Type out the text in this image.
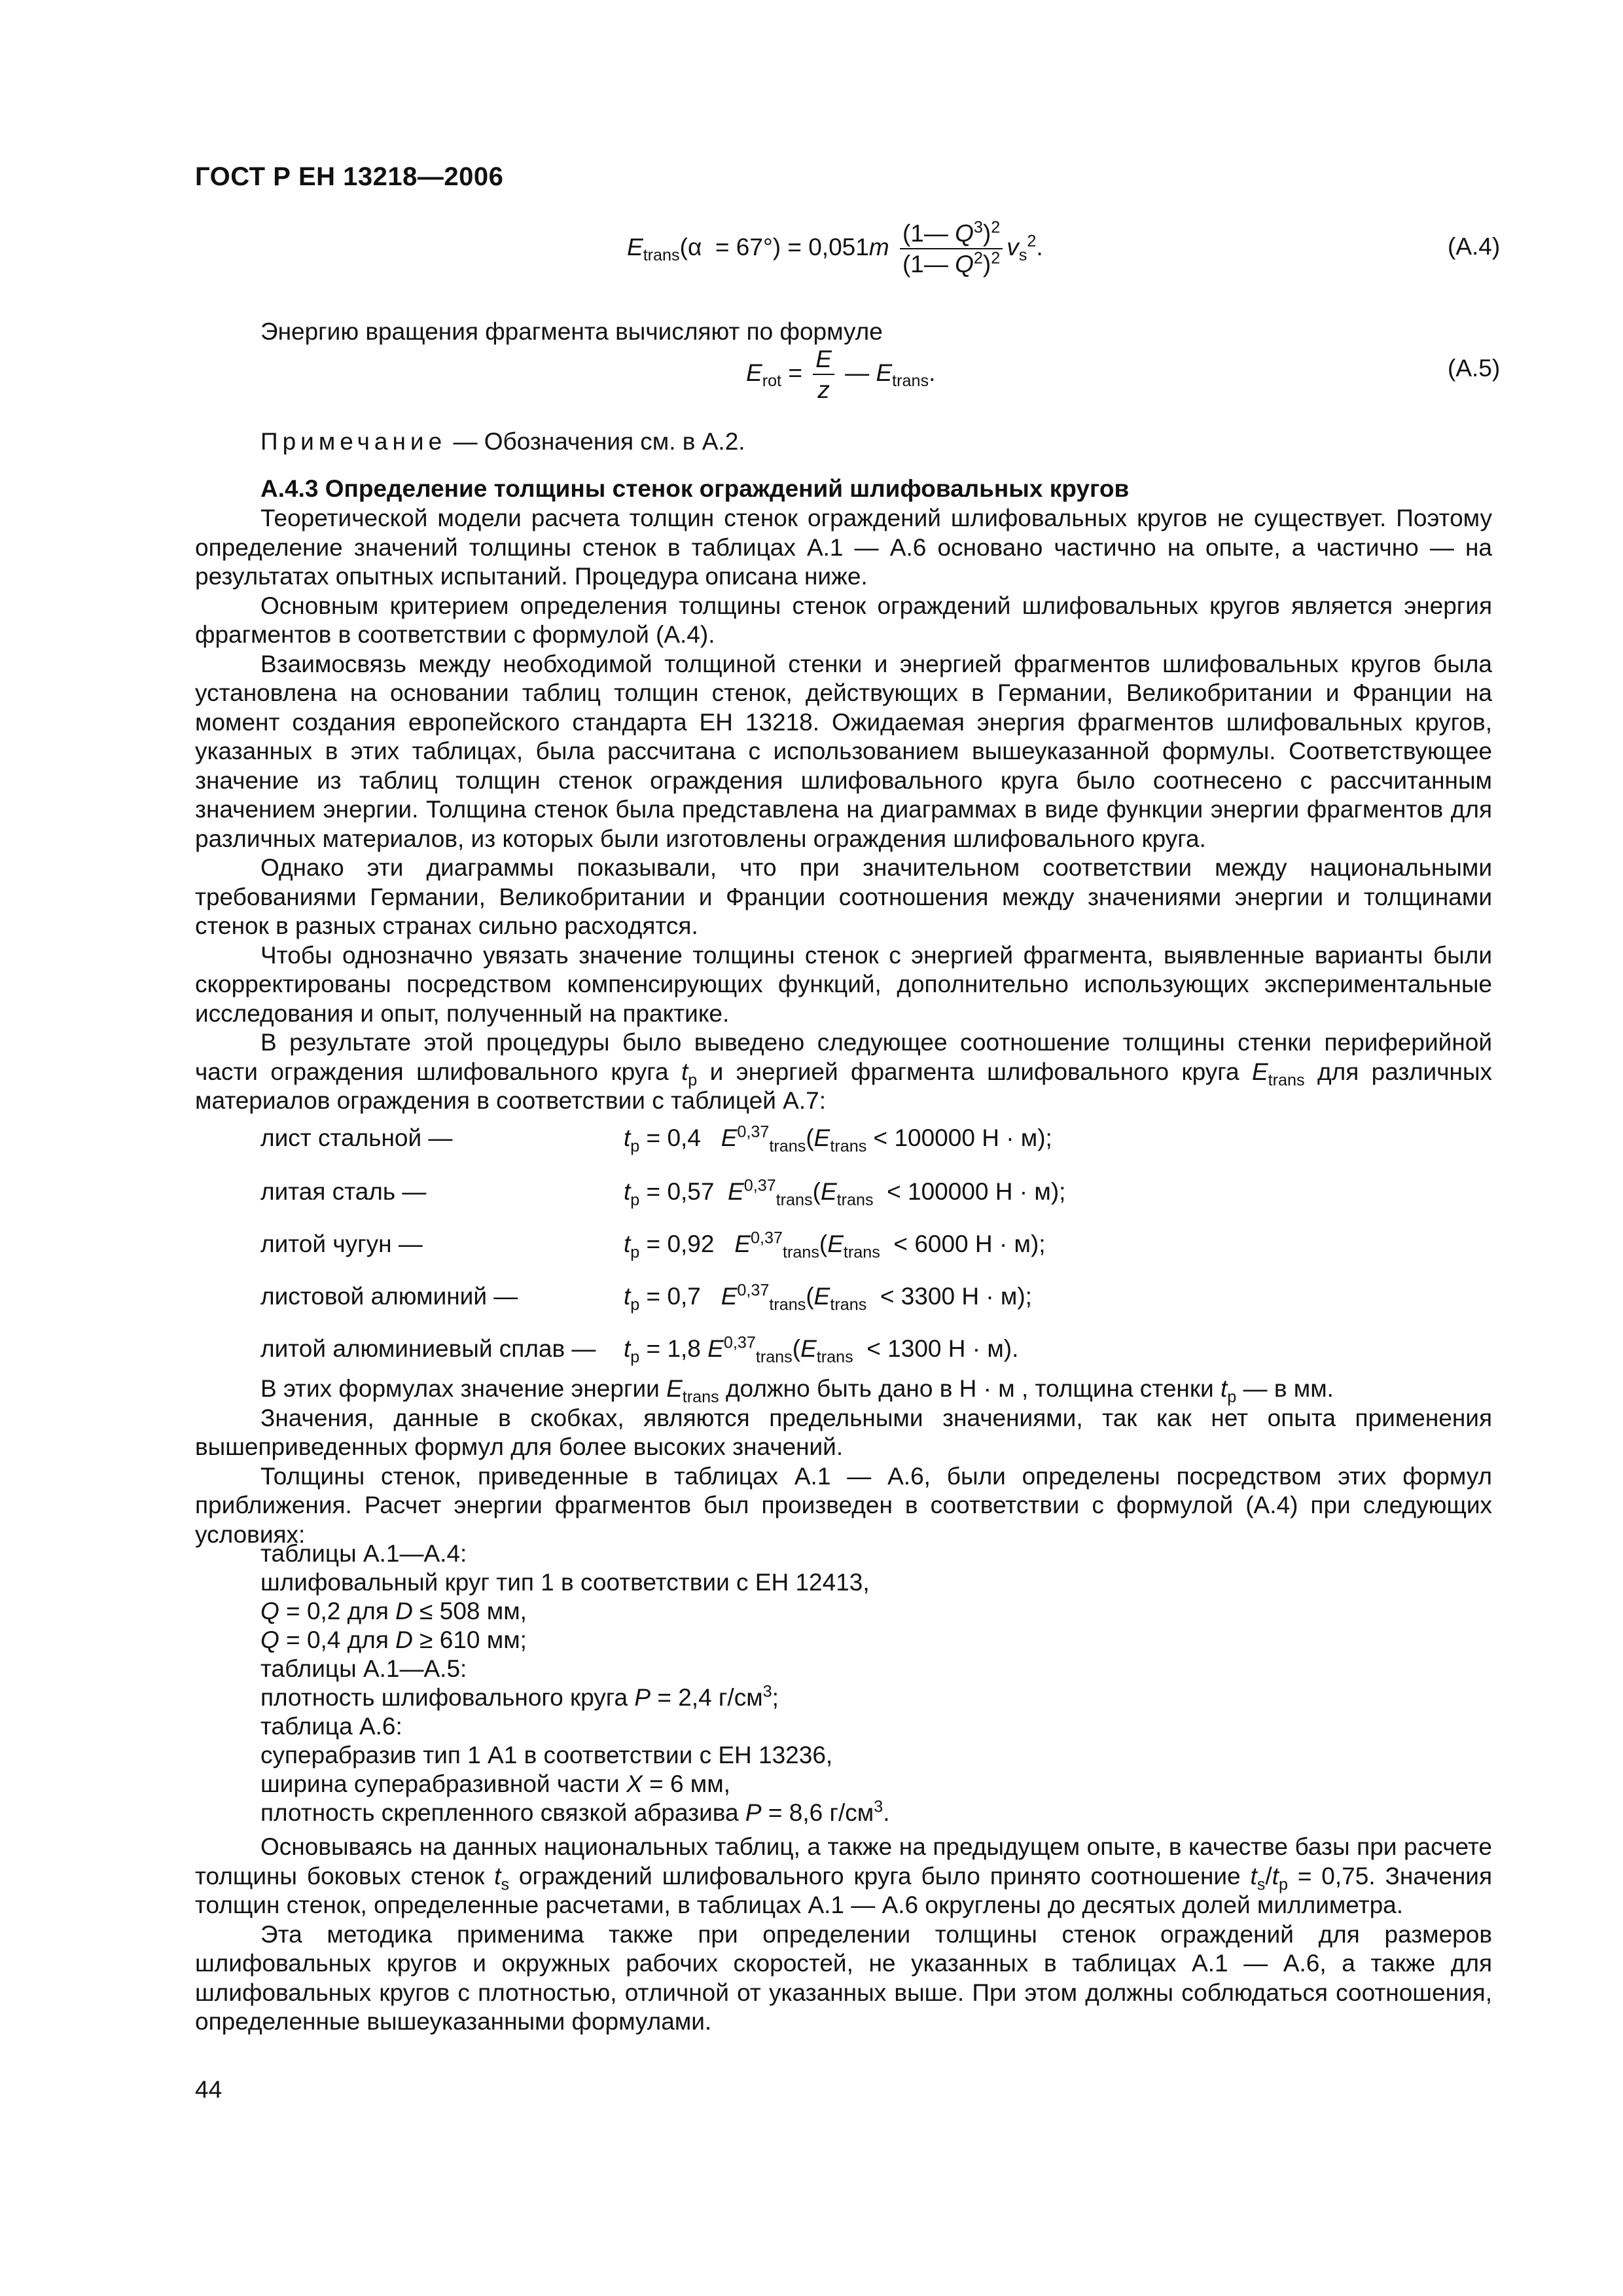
ГОСТ Р ЕН 13218—2006
$E_{trans}(\alpha = 67^\circ) = 0,051m \frac{(1— Q^3)^2}{(1— Q^2)^2} v_s^2$.	(А.4)
Энергию вращения фрагмента вычисляют по формуле
$E_{rot} = \frac{E}{z}$ — $E_{trans}$.	(А.5)
Примечание — Обозначения см. в А.2.
А.4.3 Определение толщины стенок ограждений шлифовальных кругов

Теоретической модели расчета толщин стенок ограждений шлифовальных кругов не существует. Поэтому определение значений толщины стенок в таблицах А.1 — А.6 основано частично на опыте, а частично — на результатах опытных испытаний. Процедура описана ниже.

Основным критерием определения толщины стенок ограждений шлифовальных кругов является энергия фрагментов в соответствии с формулой (А.4).

Взаимосвязь между необходимой толщиной стенки и энергией фрагментов шлифовальных кругов была установлена на основании таблиц толщин стенок, действующих в Германии, Великобритании и Франции на момент создания европейского стандарта ЕН 13218. Ожидаемая энергия фрагментов шлифовальных кругов, указанных в этих таблицах, была рассчитана с использованием вышеуказанной формулы. Соответствующее значение из таблиц толщин стенок ограждения шлифовального круга было соотнесено с рассчитанным значением энергии. Толщина стенок была представлена на диаграммах в виде функции энергии фрагментов для различных материалов, из которых были изготовлены ограждения шлифовального круга.

Однако эти диаграммы показывали, что при значительном соответствии между национальными требованиями Германии, Великобритании и Франции соотношения между значениями энергии и толщинами стенок в разных странах сильно расходятся.

Чтобы однозначно увязать значение толщины стенок с энергией фрагмента, выявленные варианты были скорректированы посредством компенсирующих функций, дополнительно использующих экспериментальные исследования и опыт, полученный на практике.

В результате этой процедуры было выведено следующее соотношение толщины стенки периферийной части ограждения шлифовального круга $t_p$ и энергией фрагмента шлифовального круга $E_{trans}$ для различных материалов ограждения в соответствии с таблицей А.7:

лист стальной —	$t_p = 0,4$ $E^{0,37}_{trans}(E_{trans} < 100000$ Н · м);
литая сталь —	$t_p = 0,57$ $E^{0,37}_{trans}(E_{trans} < 100000$ Н · м);
литой чугун —	$t_p = 0,92$ $E^{0,37}_{trans}(E_{trans} < 6000$ Н · м);
листовой алюминий —	$t_p = 0,7$ $E^{0,37}_{trans}(E_{trans} < 3300$ Н · м);
литой алюминиевый сплав — $t_p = 1,8$ $E^{0,37}_{trans}(E_{trans} < 1300$ Н · м).

В этих формулах значение энергии $E_{trans}$ должно быть дано в Н · м , толщина стенки $t_p$ — в мм.

Значения, данные в скобках, являются предельными значениями, так как нет опыта применения вышеприведенных формул для более высоких значений.

Толщины стенок, приведенные в таблицах А.1 — А.6, были определены посредством этих формул приближения. Расчет энергии фрагментов был произведен в соответствии с формулой (А.4) при следующих условиях:

таблицы А.1—А.4:
шлифовальный круг тип 1 в соответствии с ЕН 12413,
Q = 0,2 для D ≤ 508 мм,
Q = 0,4 для D ≥ 610 мм;
таблицы А.1—А.5:
плотность шлифовального круга P = 2,4 $г/см^3$;
таблица А.6:
суперабразив тип 1 А1 в соответствии с ЕН 13236,
ширина суперабразивной части X = 6 мм,
плотность скрепленного связкой абразива P = 8,6 $г/см^3$.

Основываясь на данных национальных таблиц, а также на предыдущем опыте, в качестве базы при расчете толщины боковых стенок $t_s$ ограждений шлифовального круга было принято соотношение $t_s/t_p = 0,75$. Значения толщин стенок, определенные расчетами, в таблицах А.1 — А.6 округлены до десятых долей миллиметра.

Эта методика применима также при определении толщины стенок ограждений для размеров шлифовальных кругов и окружных рабочих скоростей, не указанных в таблицах А.1 — А.6, а также для шлифовальных кругов с плотностью, отличной от указанных выше. При этом должны соблюдаться соотношения, определенные вышеуказанными формулами.

44
